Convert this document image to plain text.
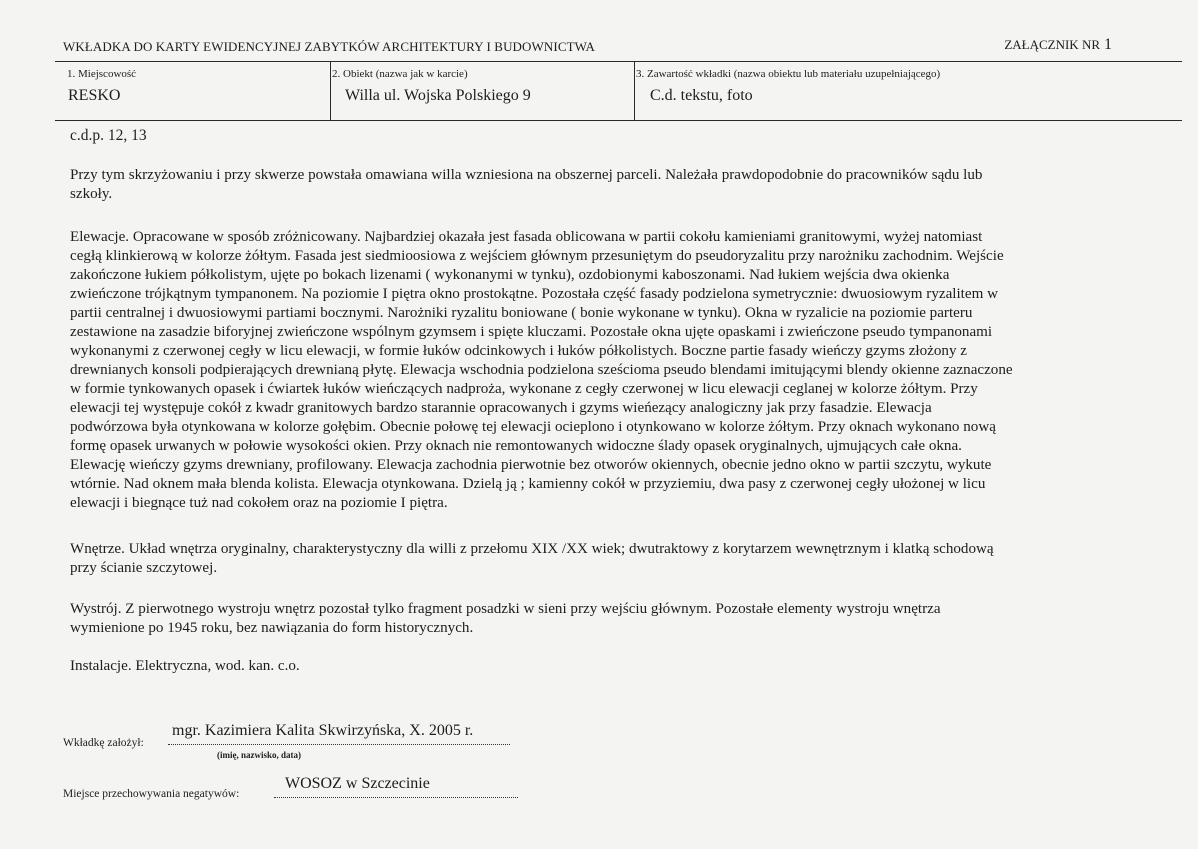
WKŁADKA DO KARTY EWIDENCYJNEJ ZABYTKÓW ARCHITEKTURY I BUDOWNICTWA	ZAŁĄCZNIK NR 1
1. Miejscowość
RESKO
2. Obiekt (nazwa jak w karcie)
Willa ul. Wojska Polskiego 9
3. Zawartość wkładki (nazwa obiektu lub materiału uzupełniającego)
C.d. tekstu, foto
c.d.p. 12, 13
Przy tym skrzyżowaniu i przy skwerze powstała omawiana willa wzniesiona na obszernej parceli. Należała prawdopodobnie do pracowników sądu lub
szkoły.
Elewacje. Opracowane w sposób zróżnicowany. Najbardziej okazała jest fasada oblicowana w partii cokołu kamieniami granitowymi, wyżej natomiast
cegłą klinkierową w kolorze żółtym. Fasada jest siedmioosiowa z wejściem głównym przesuniętym do pseudoryzalitu przy narożniku zachodnim. Wejście
zakończone łukiem półkolistym, ujęte po bokach lizenami ( wykonanymi w tynku), ozdobionymi kaboszonami. Nad łukiem wejścia dwa okienka
zwieńczone trójkątnym tympanonem. Na poziomie I piętra okno prostokątne. Pozostała część fasady podzielona symetrycznie: dwuosiowym ryzalitem w
partii centralnej i dwuosiowymi partiami bocznymi. Narożniki ryzalitu boniowane ( bonie wykonane w tynku). Okna w ryzalicie na poziomie parteru
zestawione na zasadzie biforyjnej zwieńczone wspólnym gzymsem i spięte kluczami. Pozostałe okna ujęte opaskami i zwieńczone pseudo tympanonami
wykonanymi z czerwonej cegły w licu elewacji, w formie łuków odcinkowych i łuków półkolistych. Boczne partie fasady wieńczy gzyms złożony z
drewnianych konsoli podpierających drewnianą płytę. Elewacja wschodnia podzielona sześcioma pseudo blendami imitującymi blendy okienne zaznaczone
w formie tynkowanych opasek i ćwiartek łuków wieńczących nadproża, wykonane z cegły czerwonej w licu elewacji ceglanej w kolorze żółtym. Przy
elewacji tej występuje cokół z kwadr granitowych bardzo starannie opracowanych i gzyms wieńezący analogiczny jak przy fasadzie. Elewacja
podwórzowa była otynkowana w kolorze gołębim. Obecnie połowę tej elewacji ocieplono i otynkowano w kolorze żółtym. Przy oknach wykonano nową
formę opasek urwanych w połowie wysokości okien. Przy oknach nie remontowanych widoczne ślady opasek oryginalnych, ujmujących całe okna.
Elewację wieńczy gzyms drewniany, profilowany. Elewacja zachodnia pierwotnie bez otworów okiennych, obecnie jedno okno w partii szczytu, wykute
wtórnie. Nad oknem mała blenda kolista. Elewacja otynkowana. Dzielą ją ; kamienny cokół w przyziemiu, dwa pasy z czerwonej cegły ułożonej w licu
elewacji i biegnące tuż nad cokołem oraz na poziomie I piętra.
Wnętrze. Układ wnętrza oryginalny, charakterystyczny dla willi z przełomu XIX /XX wiek; dwutraktowy z korytarzem wewnętrznym i klatką schodową
przy ścianie szczytowej.
Wystrój. Z pierwotnego wystroju wnętrz pozostał tylko fragment posadzki w sieni przy wejściu głównym. Pozostałe elementy wystroju wnętrza
wymienione po 1945 roku, bez nawiązania do form historycznych.
Instalacje. Elektryczna, wod. kan. c.o.
Wkładkę założył:
mgr. Kazimiera Kalita Skwirzyńska, X. 2005 r.
(imię, nazwisko, data)
Miejsce przechowywania negatywów:
WOSOZ w Szczecinie
